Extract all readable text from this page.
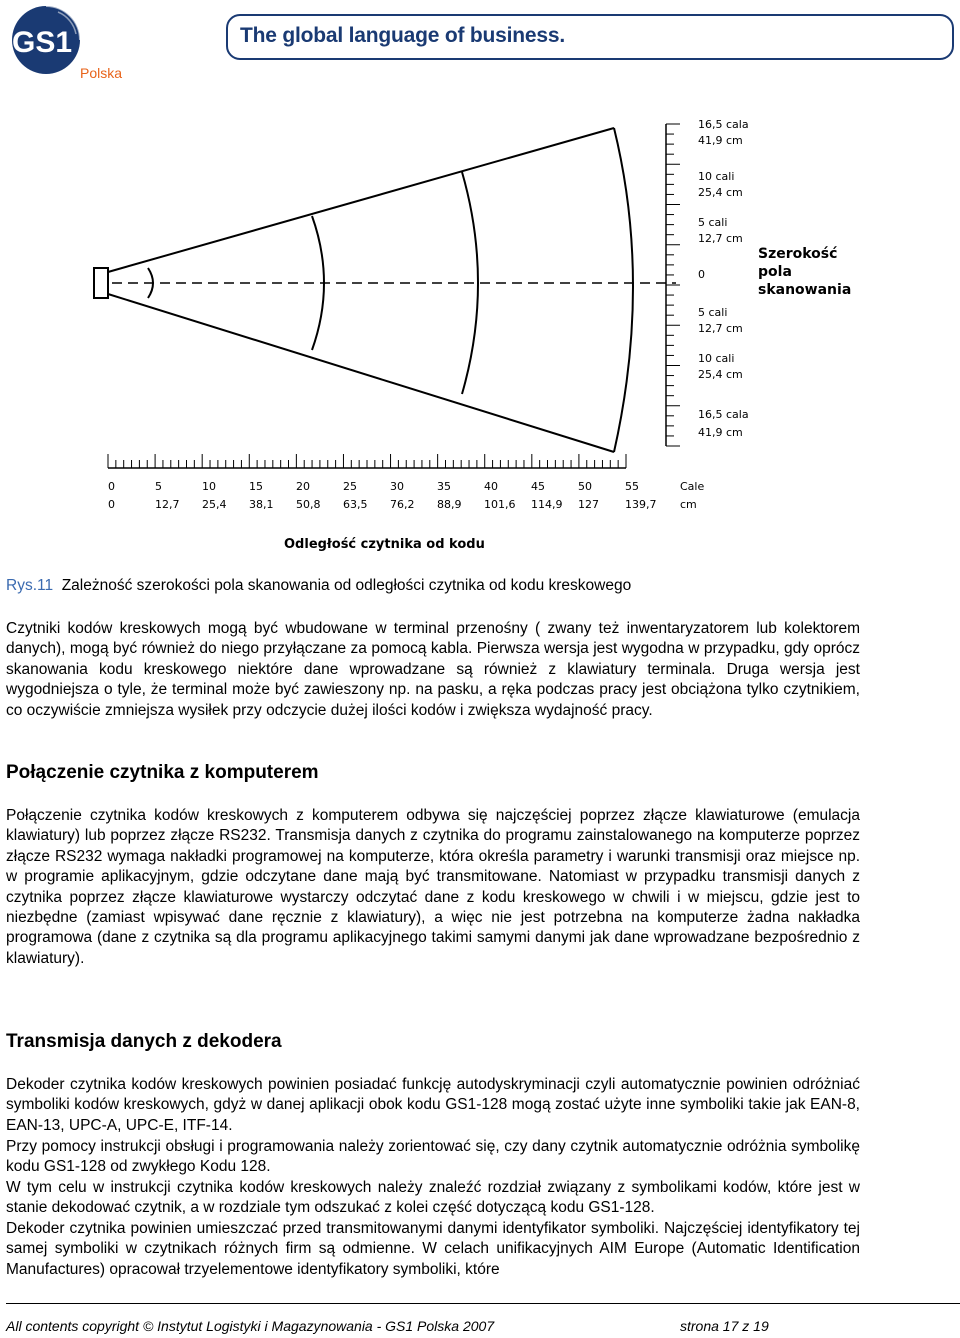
GS1
Polska
The global language of business.
16,5 cala
41,9 cm
10 cali
25,4 cm
5 cali
12,7 cm
0
5 cali
12,7 cm
10 cali
25,4 cm
16,5 cala
41,9 cm
Szerokość
pola
skanowania
0
0
5
12,7
10
25,4
15
38,1
20
50,8
25
63,5
30
76,2
35
88,9
40
101,6
45
114,9
50
127
55
139,7
Cale
cm
Odległość czytnika od kodu
Rys.11 Zależność szerokości pola skanowania od odległości czytnika od kodu kreskowego

Czytniki kodów kreskowych mogą być wbudowane w terminal przenośny ( zwany też inwentaryzatorem lub kolektorem danych), mogą być również do niego przyłączane za pomocą kabla. Pierwsza wersja jest wygodna w przypadku, gdy oprócz skanowania kodu kreskowego niektóre dane wprowadzane są również z klawiatury terminala. Druga wersja jest wygodniejsza o tyle, że terminal może być zawieszony np. na pasku, a ręka podczas pracy jest obciążona tylko czytnikiem, co oczywiście zmniejsza wysiłek przy odczycie dużej ilości kodów i zwiększa wydajność pracy.

Połączenie czytnika z komputerem

Połączenie czytnika kodów kreskowych z komputerem odbywa się najczęściej poprzez złącze klawiaturowe (emulacja klawiatury) lub poprzez złącze RS232. Transmisja danych z czytnika do programu zainstalowanego na komputerze poprzez złącze RS232 wymaga nakładki programowej na komputerze, która określa parametry i warunki transmisji oraz miejsce np. w programie aplikacyjnym, gdzie odczytane dane mają być transmitowane. Natomiast w przypadku transmisji danych z czytnika poprzez złącze klawiaturowe wystarczy odczytać dane z kodu kreskowego w chwili i w miejscu, gdzie jest to niezbędne (zamiast wpisywać dane ręcznie z klawiatury), a więc nie jest potrzebna na komputerze żadna nakładka programowa (dane z czytnika są dla programu aplikacyjnego takimi samymi danymi jak dane wprowadzane bezpośrednio z klawiatury).

Transmisja danych z dekodera

Dekoder czytnika kodów kreskowych powinien posiadać funkcję autodyskryminacji czyli automatycznie powinien odróżniać symboliki kodów kreskowych, gdyż w danej aplikacji obok kodu GS1-128 mogą zostać użyte inne symboliki takie jak EAN-8, EAN-13, UPC-A, UPC-E, ITF-14.

Przy pomocy instrukcji obsługi i programowania należy zorientować się, czy dany czytnik automatycznie odróżnia symbolikę kodu GS1-128 od zwykłego Kodu 128.

W tym celu w instrukcji czytnika kodów kreskowych należy znaleźć rozdział związany z symbolikami kodów, które jest w stanie dekodować czytnik, a w rozdziale tym odszukać z kolei część dotyczącą kodu GS1-128.

Dekoder czytnika powinien umieszczać przed transmitowanymi danymi identyfikator symboliki. Najczęściej identyfikatory tej samej symboliki w czytnikach różnych firm są odmienne. W celach unifikacyjnych AIM Europe (Automatic Identification Manufactures) opracował trzyelementowe identyfikatory symboliki, które

All contents copyright © Instytut Logistyki i Magazynowania - GS1 Polska 2007	strona 17 z 19
